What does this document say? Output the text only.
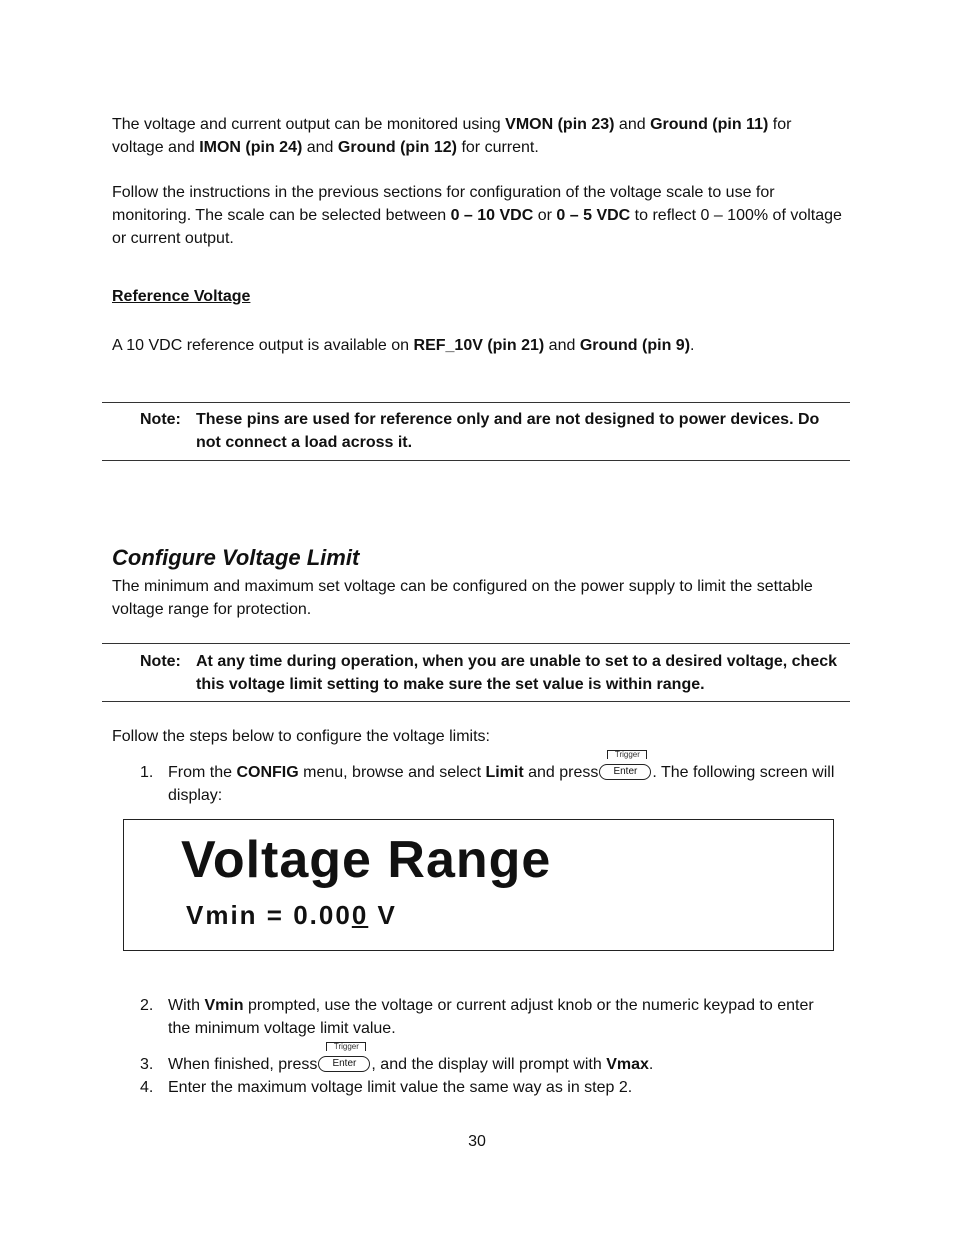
The voltage and current output can be monitored using VMON (pin 23) and Ground (pin 11) for voltage and IMON (pin 24) and Ground (pin 12) for current.

Follow the instructions in the previous sections for configuration of the voltage scale to use for monitoring. The scale can be selected between 0 – 10 VDC or 0 – 5 VDC to reflect 0 – 100% of voltage or current output.

Reference Voltage

A 10 VDC reference output is available on REF_10V (pin 21) and Ground (pin 9).

Note: These pins are used for reference only and are not designed to power devices. Do not connect a load across it.

Configure Voltage Limit

The minimum and maximum set voltage can be configured on the power supply to limit the settable voltage range for protection.

Note: At any time during operation, when you are unable to set to a desired voltage, check this voltage limit setting to make sure the set value is within range.

Follow the steps below to configure the voltage limits:

1. From the CONFIG menu, browse and select Limit and press
Trigger
Enter . The following screen will display:

Voltage Range

Vmin = 0.000 V
2. With Vmin prompted, use the voltage or current adjust knob or the numeric keypad to enter the minimum voltage limit value.
3. When finished, press
Trigger
Enter , and the display will prompt with Vmax.
4. Enter the maximum voltage limit value the same way as in step 2.
30
